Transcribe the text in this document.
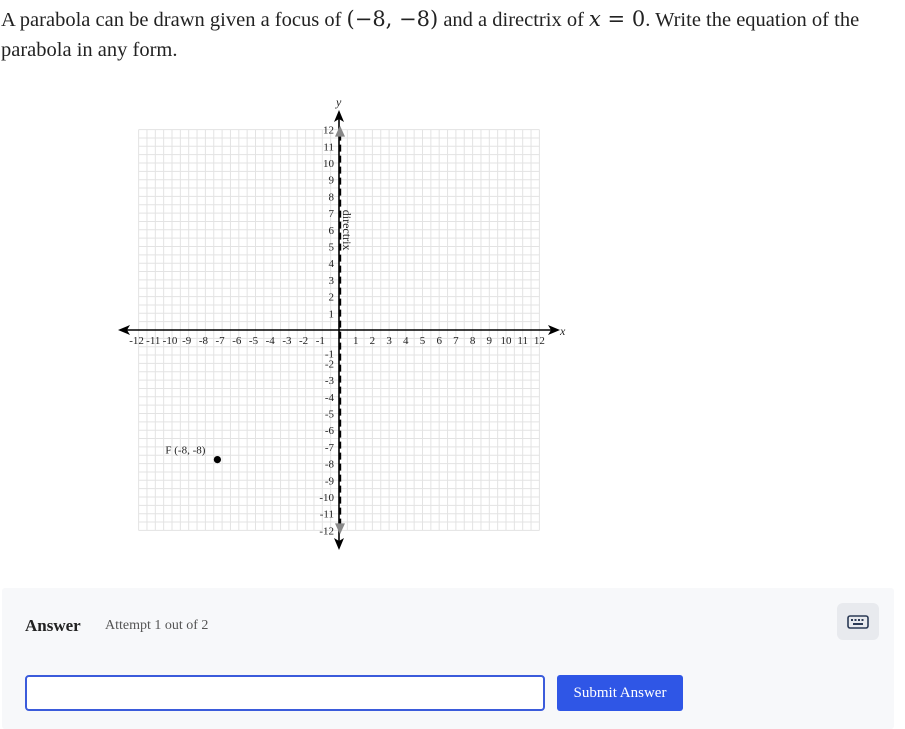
A parabola can be drawn given a focus of (−8, −8) and a directrix of x = 0. Write the equation of the parabola in any form.

x
y
-12
-12
-11
-11
-10
-10
-9
-9
-8
-8
-7
-7
-6
-6
-5
-5
-4
-4
-3
-3
-2
-2
-1
-1
1
1
2
2
3
3
4
4
5
5
6
6
7
7
8
8
9
9
10
10
11
11
12
12
directrix
F (-8, -8)
Answer Attempt 1 out of 2
Submit Answer
